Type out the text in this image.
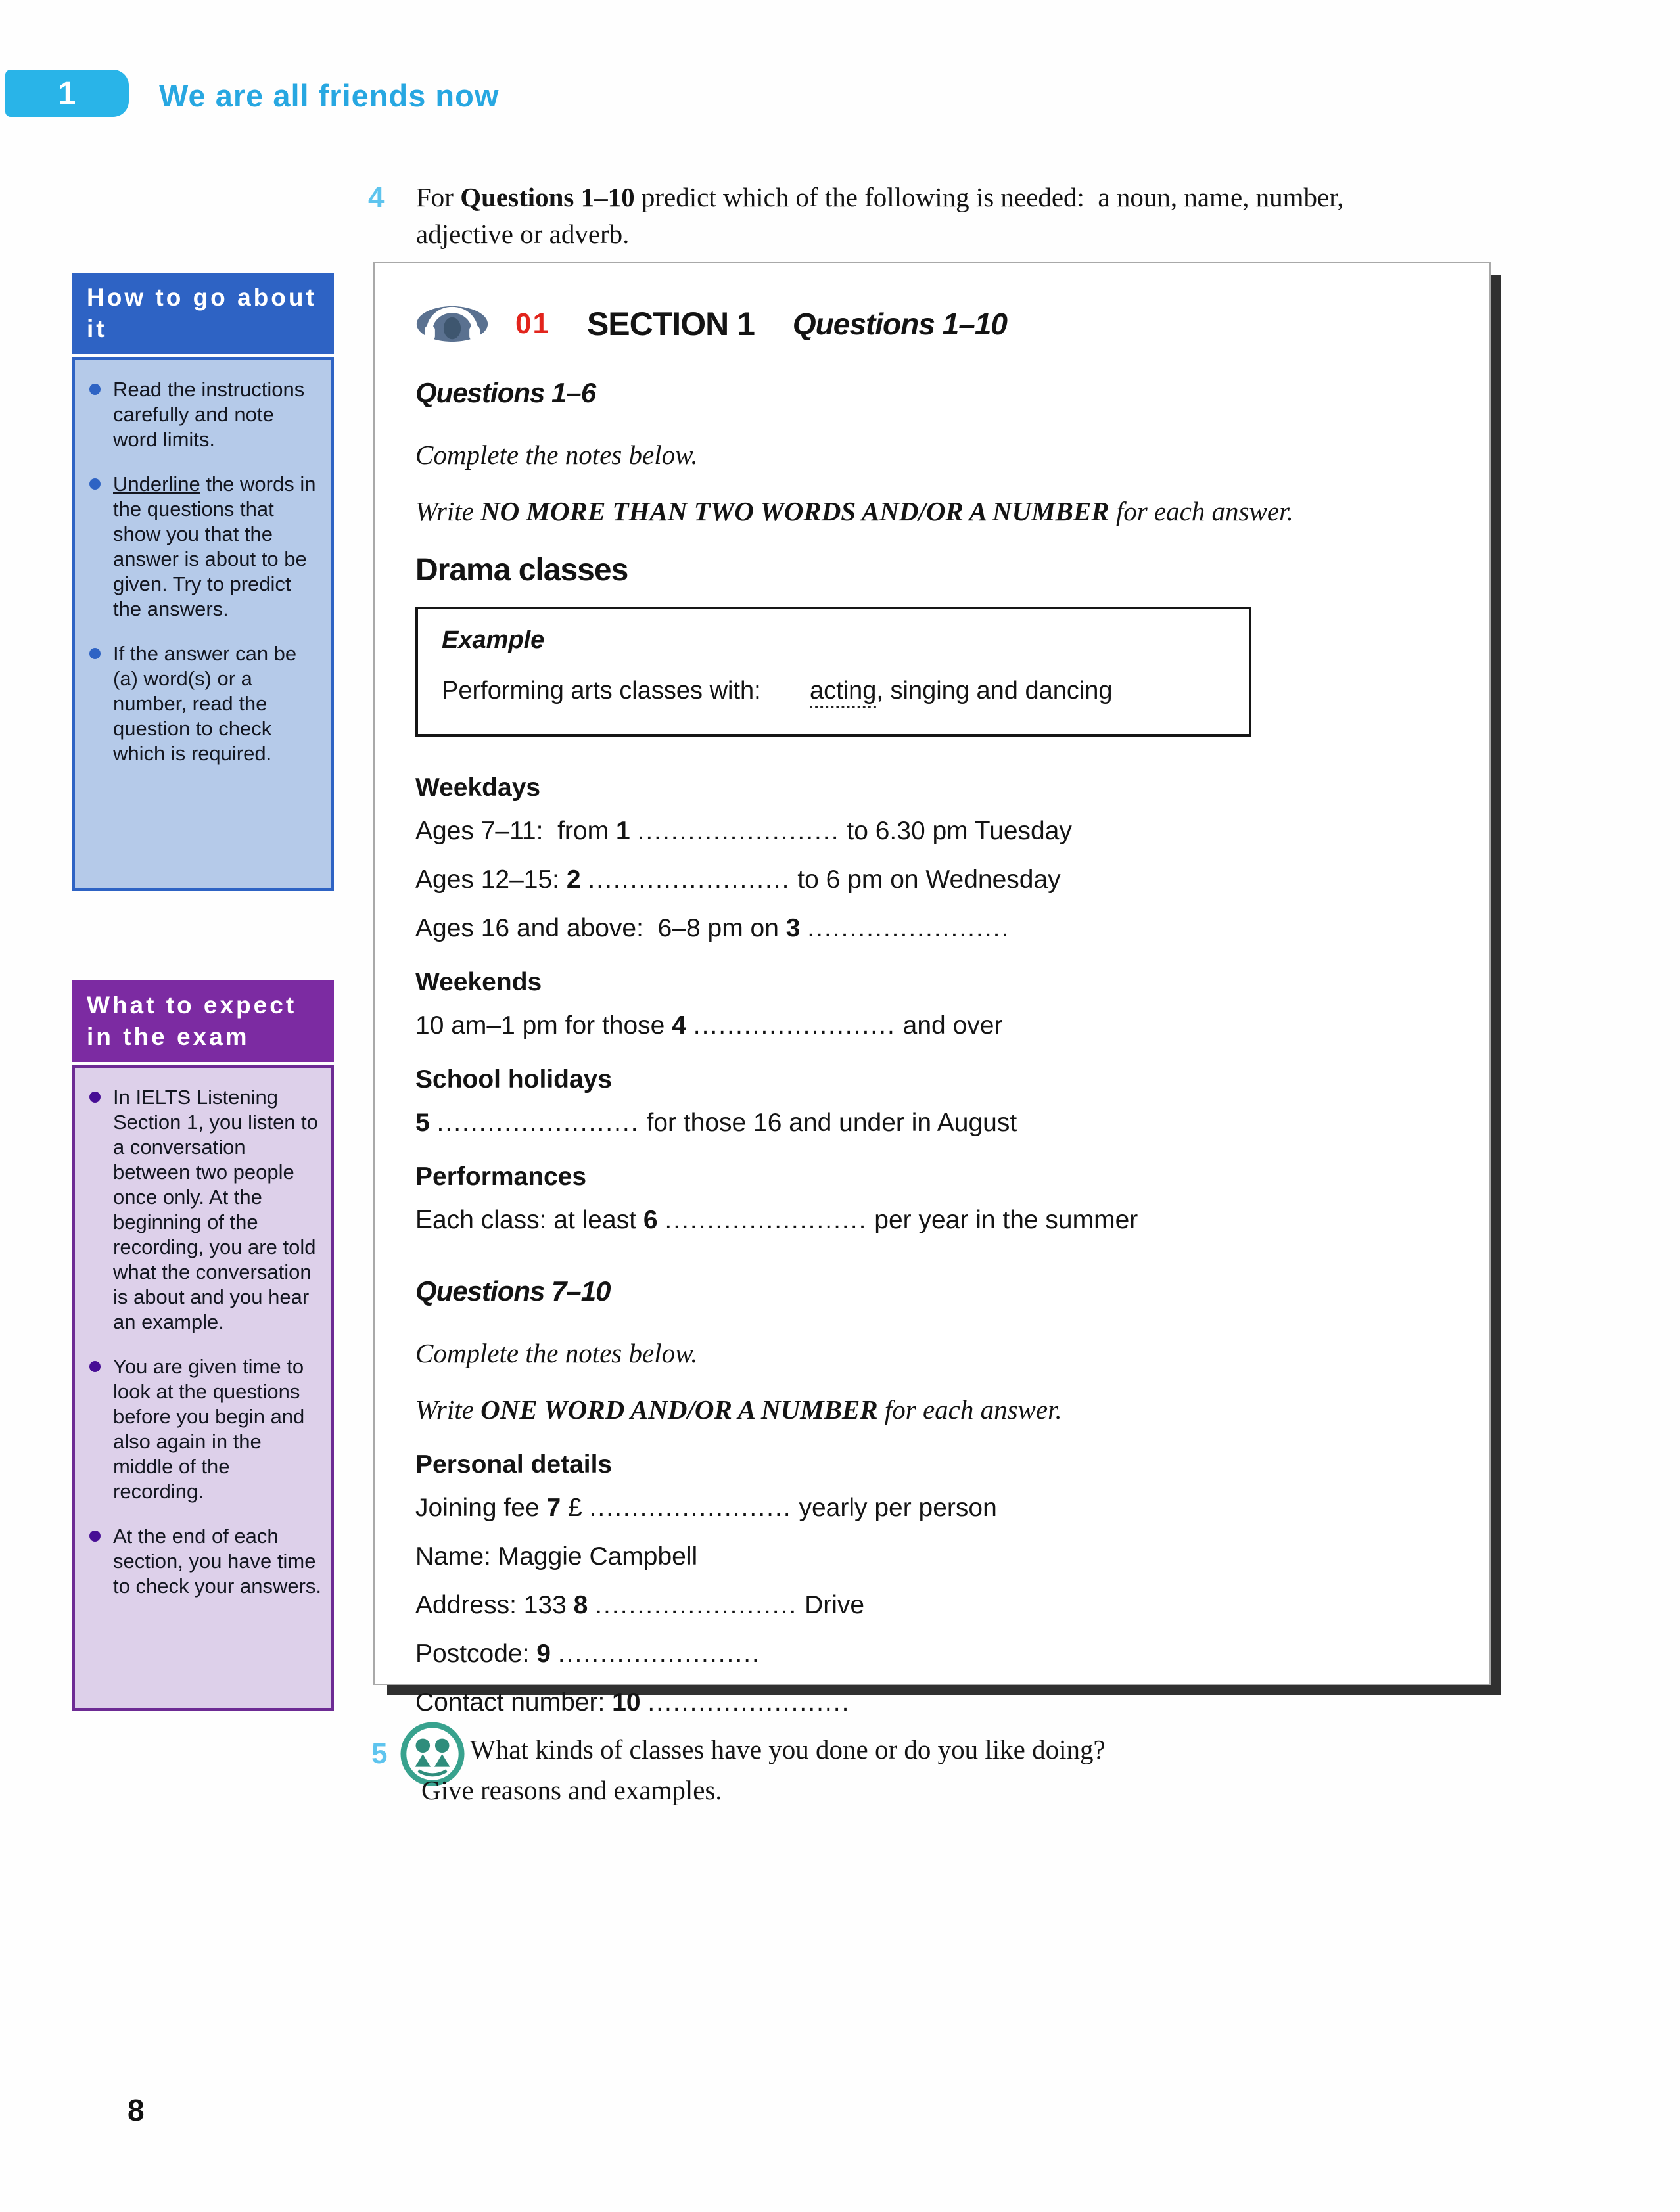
1	We are all friends now
4 For Questions 1–10 predict which of the following is needed:  a noun, name, number,
adjective or adverb.
How to go about it
Read the instructions carefully and note word limits.
Underline the words in the questions that show you that the answer is about to be given. Try to predict the answers.
If the answer can be (a) word(s) or a number, read the question to check which is required.
What to expect in the exam
In IELTS Listening Section 1, you listen to a conversation between two people once only. At the beginning of the recording, you are told what the conversation is about and you hear an example.
You are given time to look at the questions before you begin and also again in the middle of the recording.
At the end of each section, you have time to check your answers.
01 SECTION 1 Questions 1–10
Questions 1–6

Complete the notes below.

Write NO MORE THAN TWO WORDS AND/OR A NUMBER for each answer.

Drama classes
Example
Performing arts classes with:	acting, singing and dancing
Weekdays

Ages 7–11:  from 1 ........................ to 6.30 pm Tuesday

Ages 12–15: 2 ........................ to 6 pm on Wednesday

Ages 16 and above:  6–8 pm on 3 ........................

Weekends

10 am–1 pm for those 4 ........................ and over

School holidays

5 ........................ for those 16 and under in August

Performances

Each class: at least 6 ........................ per year in the summer

Questions 7–10

Complete the notes below.

Write ONE WORD AND/OR A NUMBER for each answer.

Personal details

Joining fee 7 £ ........................ yearly per person

Name: Maggie Campbell

Address: 133 8 ........................ Drive

Postcode: 9 ........................

Contact number: 10 ........................

5	What kinds of classes have you done or do you like doing?
Give reasons and examples.
8
